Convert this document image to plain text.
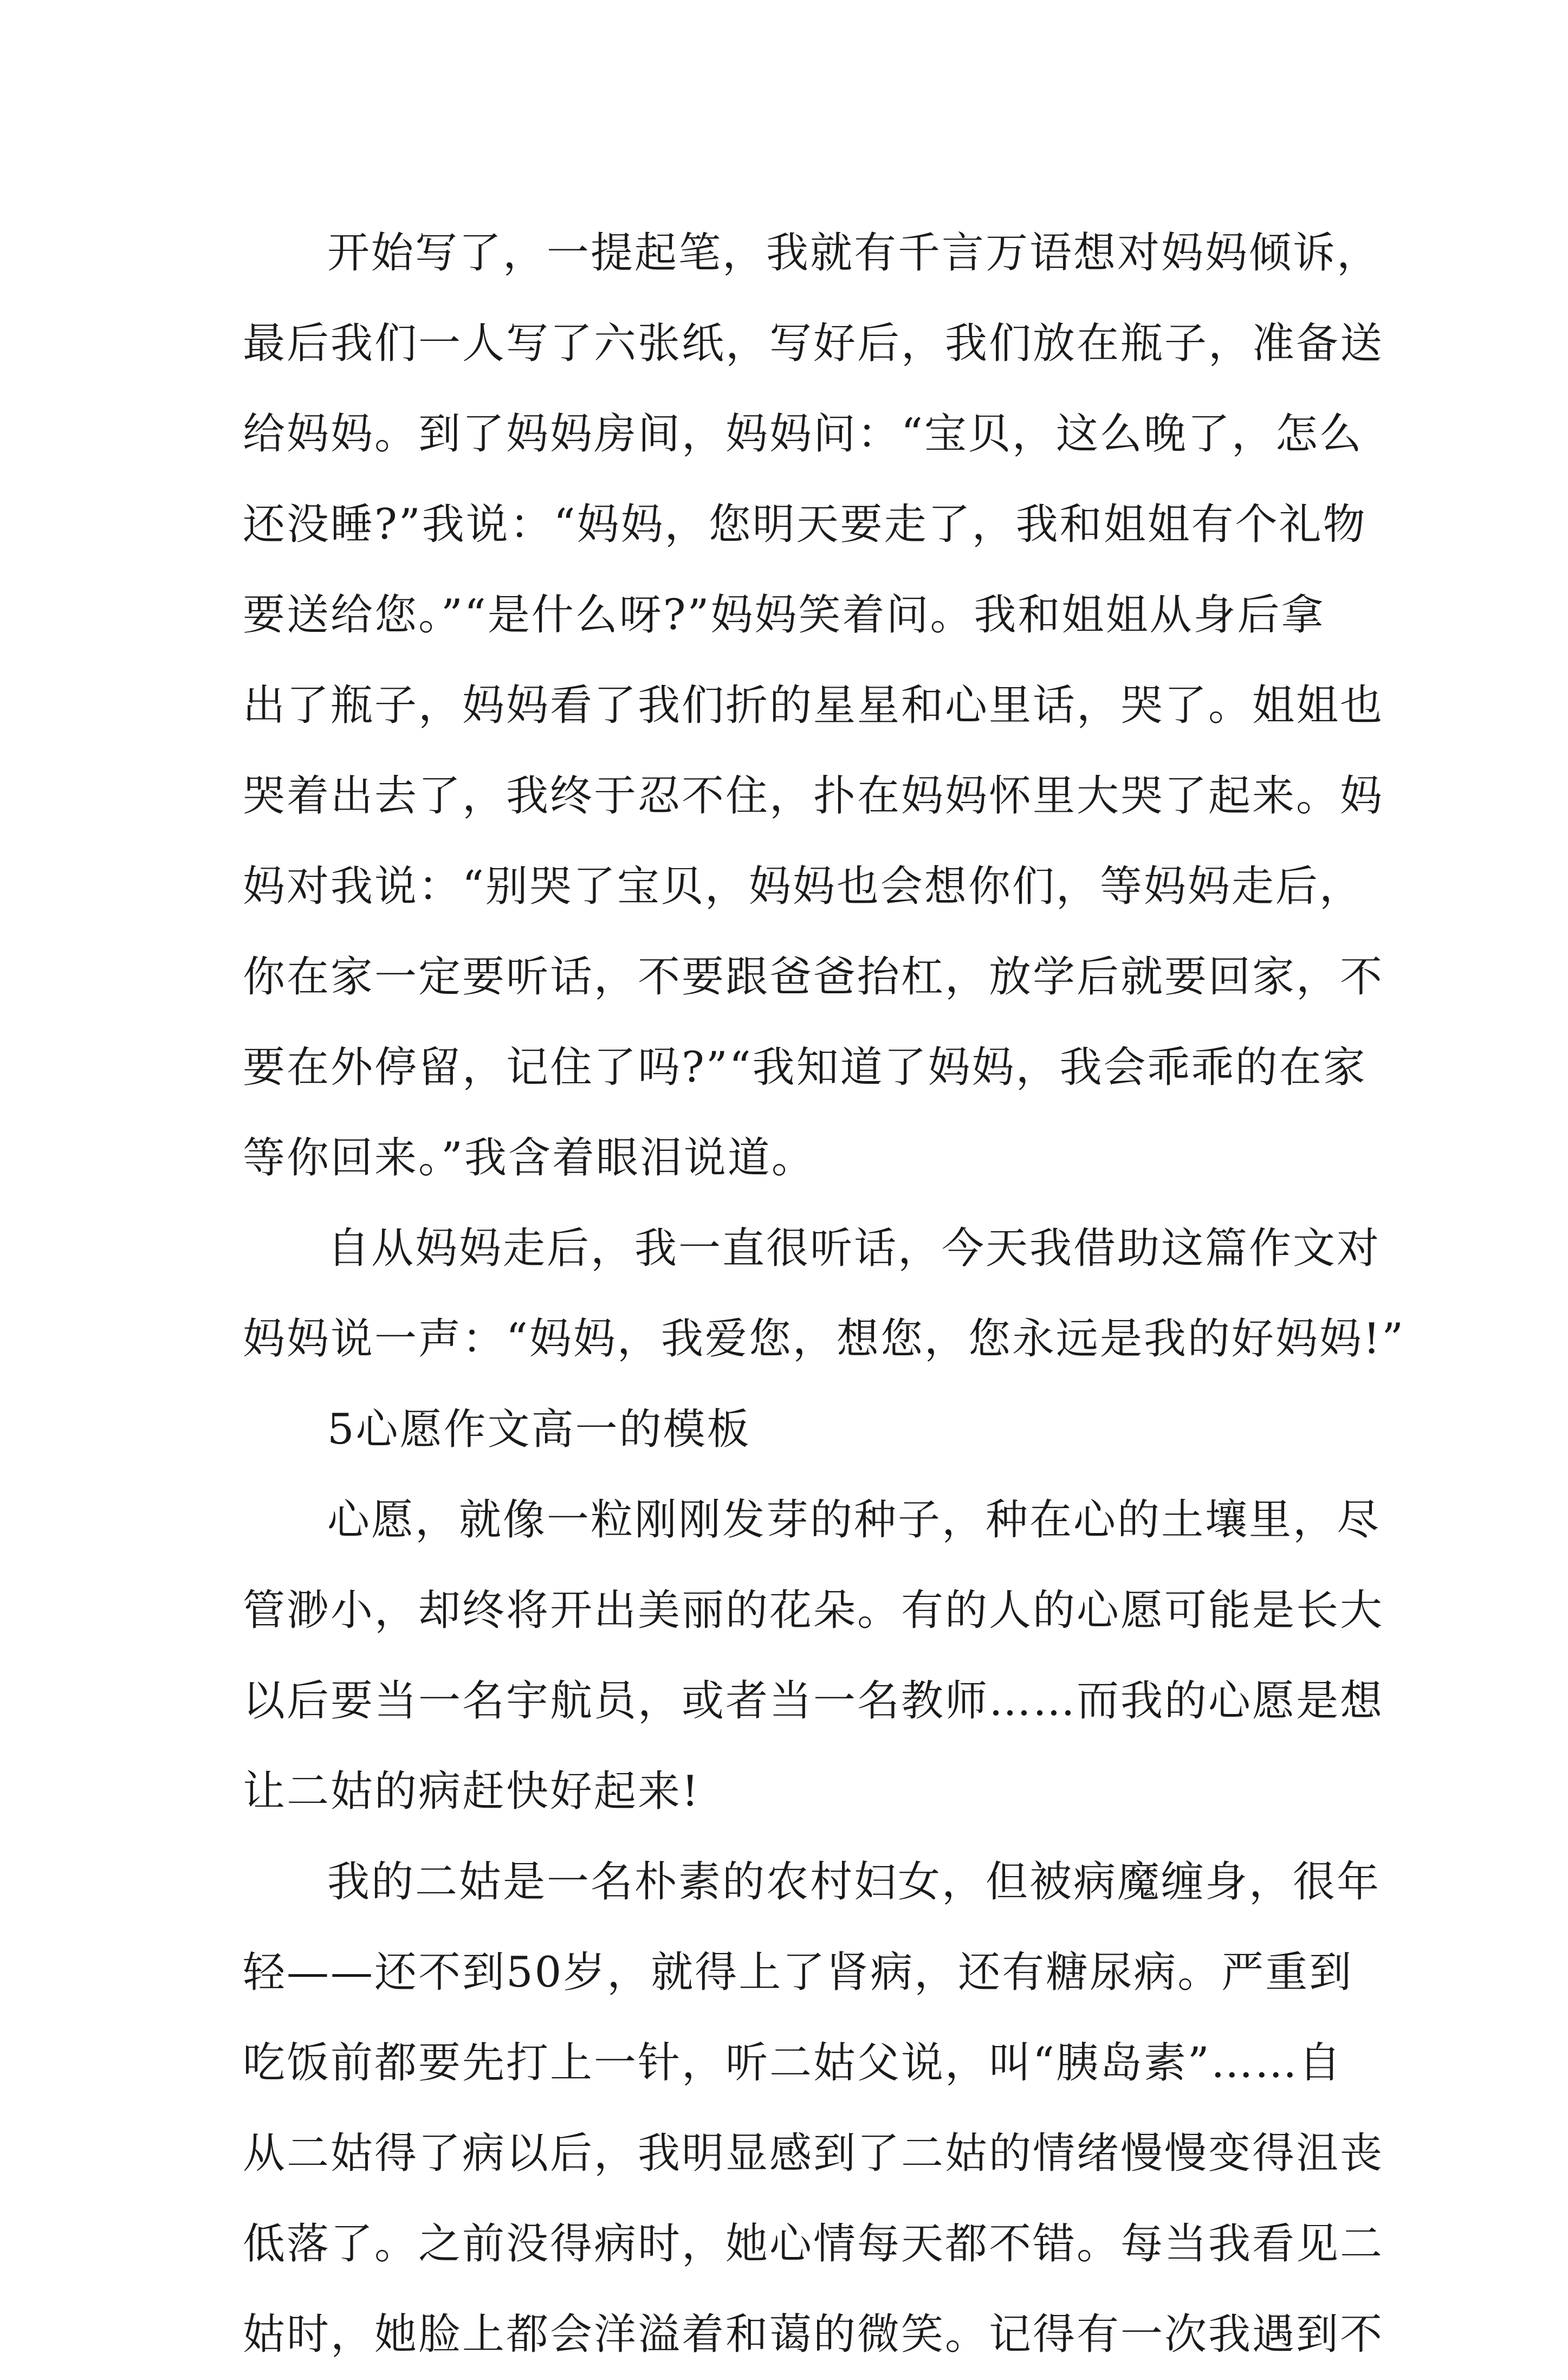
开始写了，一提起笔，我就有千言万语想对妈妈倾诉，
最后我们一人写了六张纸，写好后，我们放在瓶子，准备送
给妈妈。到了妈妈房间，妈妈问：“宝贝，这么晚了，怎么
还没睡?”我说：“妈妈，您明天要走了，我和姐姐有个礼物
要送给您。”“是什么呀?”妈妈笑着问。我和姐姐从身后拿
出了瓶子，妈妈看了我们折的星星和心里话，哭了。姐姐也
哭着出去了，我终于忍不住，扑在妈妈怀里大哭了起来。妈
妈对我说：“别哭了宝贝，妈妈也会想你们，等妈妈走后，
你在家一定要听话，不要跟爸爸抬杠，放学后就要回家，不
要在外停留，记住了吗?”“我知道了妈妈，我会乖乖的在家
等你回来。”我含着眼泪说道。
自从妈妈走后，我一直很听话，今天我借助这篇作文对
妈妈说一声：“妈妈，我爱您，想您，您永远是我的好妈妈!”
5心愿作文高一的模板
心愿，就像一粒刚刚发芽的种子，种在心的土壤里，尽
管渺小，却终将开出美丽的花朵。有的人的心愿可能是长大
以后要当一名宇航员，或者当一名教师……而我的心愿是想
让二姑的病赶快好起来!
我的二姑是一名朴素的农村妇女，但被病魔缠身，很年
轻——还不到50岁，就得上了肾病，还有糖尿病。严重到
吃饭前都要先打上一针，听二姑父说，叫“胰岛素”……自
从二姑得了病以后，我明显感到了二姑的情绪慢慢变得沮丧
低落了。之前没得病时，她心情每天都不错。每当我看见二
姑时，她脸上都会洋溢着和蔼的微笑。记得有一次我遇到不
